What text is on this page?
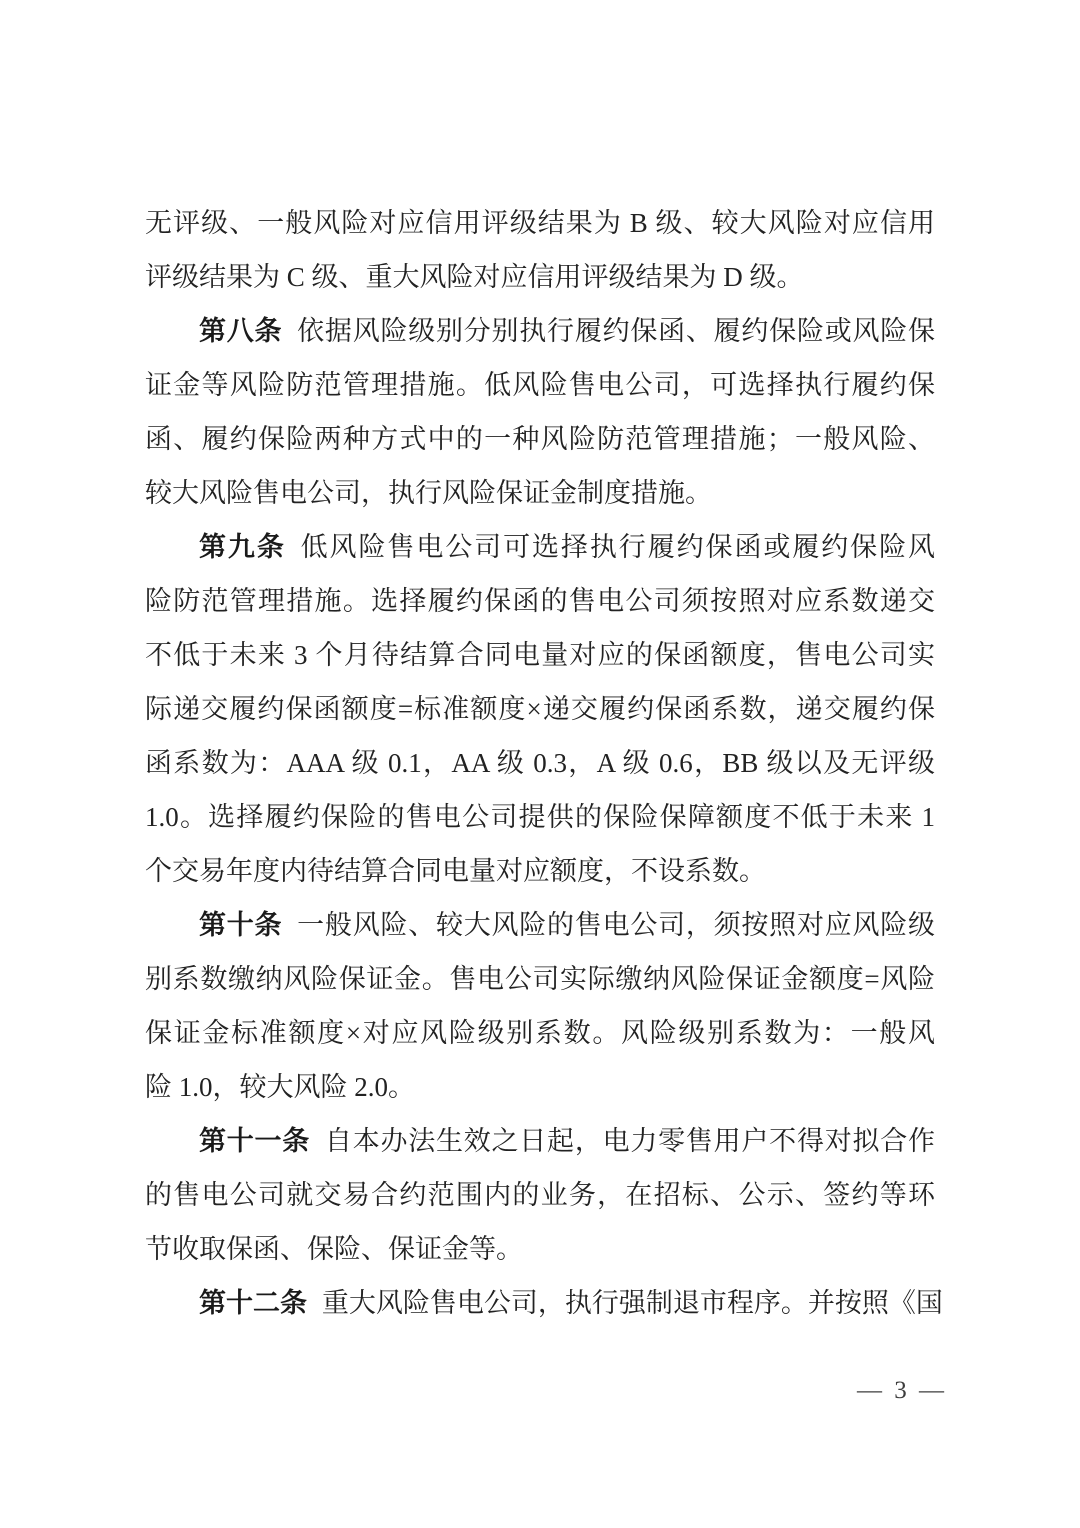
无评级、一般风险对应信用评级结果为 B 级、较大风险对应信用
评级结果为 C 级、重大风险对应信用评级结果为 D 级。
第八条 依据风险级别分别执行履约保函、履约保险或风险保
证金等风险防范管理措施。低风险售电公司，可选择执行履约保
函、履约保险两种方式中的一种风险防范管理措施；一般风险、
较大风险售电公司，执行风险保证金制度措施。
第九条 低风险售电公司可选择执行履约保函或履约保险风
险防范管理措施。选择履约保函的售电公司须按照对应系数递交
不低于未来 3 个月待结算合同电量对应的保函额度，售电公司实
际递交履约保函额度=标准额度×递交履约保函系数，递交履约保
函系数为：AAA 级 0.1，AA 级 0.3，A 级 0.6，BB 级以及无评级
1.0。选择履约保险的售电公司提供的保险保障额度不低于未来 1
个交易年度内待结算合同电量对应额度，不设系数。
第十条 一般风险、较大风险的售电公司，须按照对应风险级
别系数缴纳风险保证金。售电公司实际缴纳风险保证金额度=风险
保证金标准额度×对应风险级别系数。风险级别系数为：一般风
险 1.0，较大风险 2.0。
第十一条 自本办法生效之日起，电力零售用户不得对拟合作
的售电公司就交易合约范围内的业务，在招标、公示、签约等环
节收取保函、保险、保证金等。
第十二条 重大风险售电公司，执行强制退市程序。并按照《国
— 3 —
